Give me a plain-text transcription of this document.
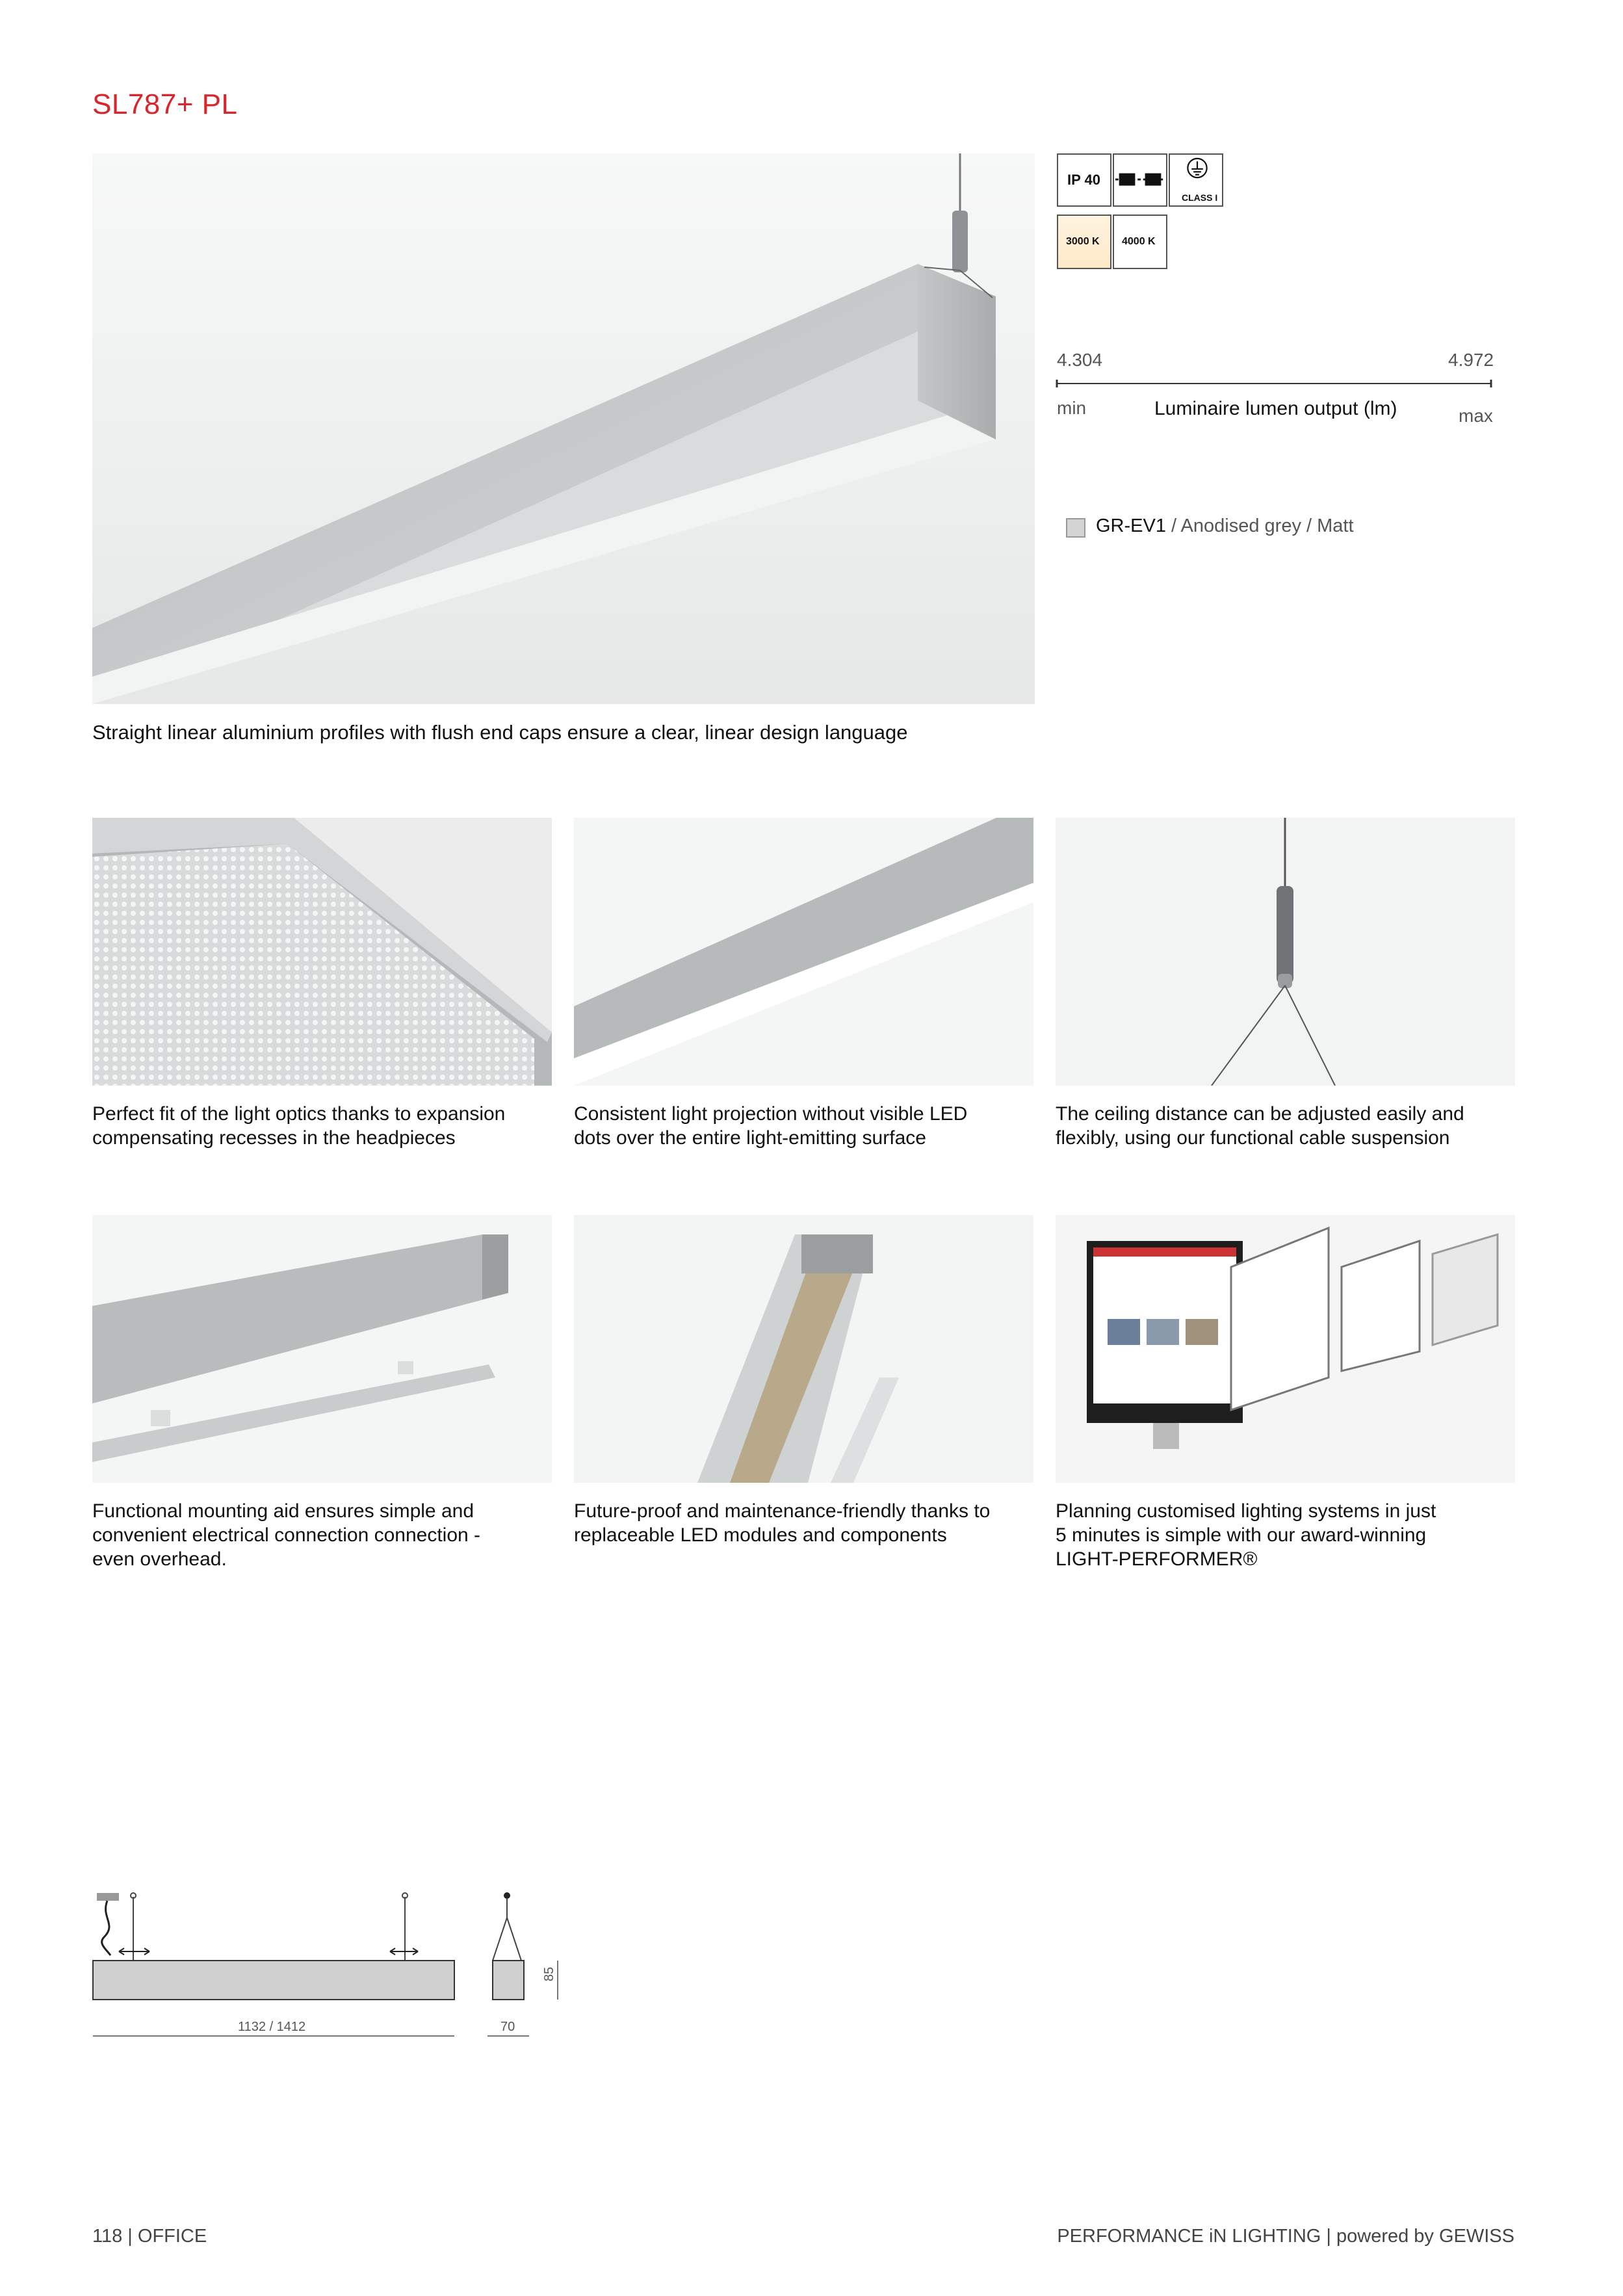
SL787+ PL
Straight linear aluminium profiles with flush end caps ensure a clear, linear design language
IP 40
CLASS I
3000 K 4000 K
4.304	4.972
min	Luminaire lumen output (lm)	max
GR-EV1 / Anodised grey / Matt
Perfect fit of the light optics thanks to expansion
compensating recesses in the headpieces
Consistent light projection without visible LED
dots over the entire light-emitting surface
The ceiling distance can be adjusted easily and
flexibly, using our functional cable suspension
Functional mounting aid ensures simple and
convenient electrical connection connection -
even overhead.
Future-proof and maintenance-friendly thanks to
replaceable LED modules and components
Planning customised lighting systems in just
5 minutes is simple with our award-winning
LIGHT-PERFORMER®
1132 / 1412	70
85
118 | OFFICE	PERFORMANCE iN LIGHTING | powered by GEWISS
